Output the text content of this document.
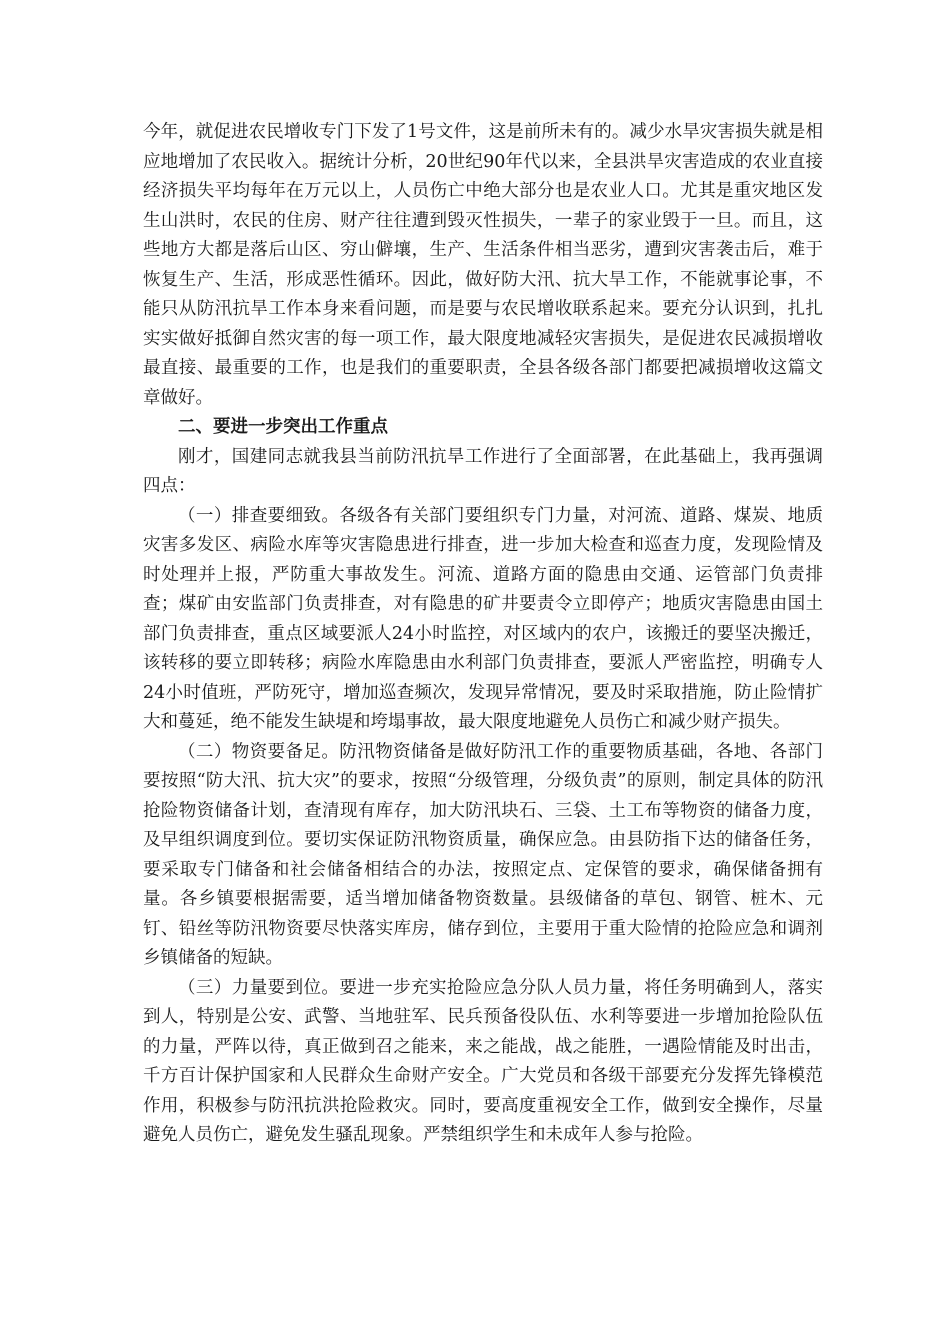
今年，就促进农民增收专门下发了1号文件，这是前所未有的。减少水旱灾害损失就是相应地增加了农民收入。据统计分析，20世纪90年代以来，全县洪旱灾害造成的农业直接经济损失平均每年在万元以上，人员伤亡中绝大部分也是农业人口。尤其是重灾地区发生山洪时，农民的住房、财产往往遭到毁灭性损失，一辈子的家业毁于一旦。而且，这些地方大都是落后山区、穷山僻壤，生产、生活条件相当恶劣，遭到灾害袭击后，难于恢复生产、生活，形成恶性循环。因此，做好防大汛、抗大旱工作，不能就事论事，不能只从防汛抗旱工作本身来看问题，而是要与农民增收联系起来。要充分认识到，扎扎实实做好抵御自然灾害的每一项工作，最大限度地减轻灾害损失，是促进农民减损增收最直接、最重要的工作，也是我们的重要职责，全县各级各部门都要把减损增收这篇文章做好。

二、要进一步突出工作重点

刚才，国建同志就我县当前防汛抗旱工作进行了全面部署，在此基础上，我再强调四点：

（一）排查要细致。各级各有关部门要组织专门力量，对河流、道路、煤炭、地质灾害多发区、病险水库等灾害隐患进行排查，进一步加大检查和巡查力度，发现险情及时处理并上报，严防重大事故发生。河流、道路方面的隐患由交通、运管部门负责排查；煤矿由安监部门负责排查，对有隐患的矿井要责令立即停产；地质灾害隐患由国土部门负责排查，重点区域要派人24小时监控，对区域内的农户，该搬迁的要坚决搬迁，该转移的要立即转移；病险水库隐患由水利部门负责排查，要派人严密监控，明确专人24小时值班，严防死守，增加巡查频次，发现异常情况，要及时采取措施，防止险情扩大和蔓延，绝不能发生缺堤和垮塌事故，最大限度地避免人员伤亡和减少财产损失。

（二）物资要备足。防汛物资储备是做好防汛工作的重要物质基础，各地、各部门要按照“防大汛、抗大灾”的要求，按照“分级管理，分级负责”的原则，制定具体的防汛抢险物资储备计划，查清现有库存，加大防汛块石、三袋、土工布等物资的储备力度，及早组织调度到位。要切实保证防汛物资质量，确保应急。由县防指下达的储备任务，要采取专门储备和社会储备相结合的办法，按照定点、定保管的要求，确保储备拥有量。各乡镇要根据需要，适当增加储备物资数量。县级储备的草包、钢管、桩木、元钉、铅丝等防汛物资要尽快落实库房，储存到位，主要用于重大险情的抢险应急和调剂乡镇储备的短缺。

（三）力量要到位。要进一步充实抢险应急分队人员力量，将任务明确到人，落实到人，特别是公安、武警、当地驻军、民兵预备役队伍、水利等要进一步增加抢险队伍的力量，严阵以待，真正做到召之能来，来之能战，战之能胜，一遇险情能及时出击，千方百计保护国家和人民群众生命财产安全。广大党员和各级干部要充分发挥先锋模范作用，积极参与防汛抗洪抢险救灾。同时，要高度重视安全工作，做到安全操作，尽量避免人员伤亡，避免发生骚乱现象。严禁组织学生和未成年人参与抢险。
